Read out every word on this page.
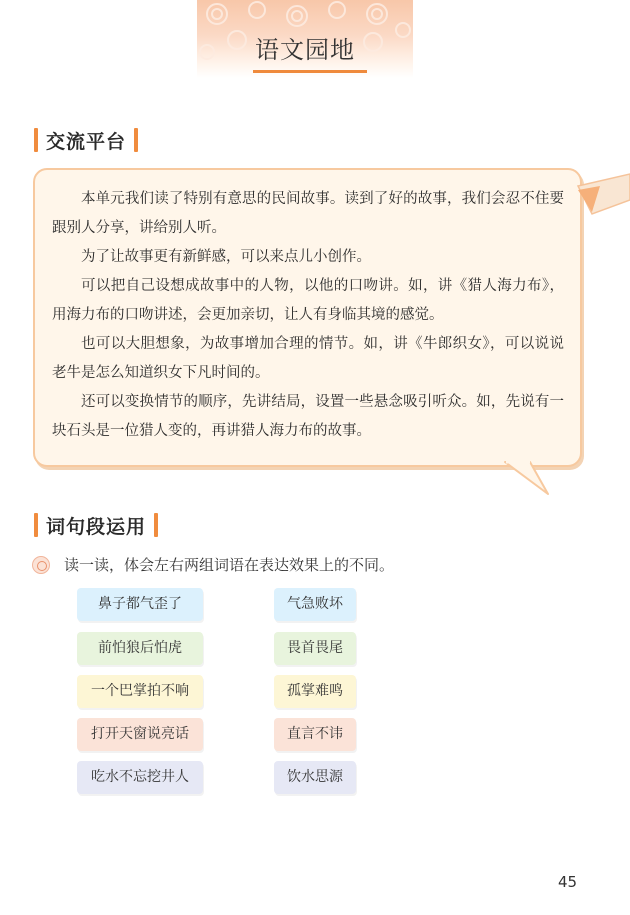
语文园地
交流平台

本单元我们读了特别有意思的民间故事。读到了好的故事，我们会忍不住要跟别人分享，讲给别人听。

为了让故事更有新鲜感，可以来点儿小创作。

可以把自己设想成故事中的人物，以他的口吻讲。如，讲《猎人海力布》，用海力布的口吻讲述，会更加亲切，让人有身临其境的感觉。

也可以大胆想象，为故事增加合理的情节。如，讲《牛郎织女》，可以说说老牛是怎么知道织女下凡时间的。

还可以变换情节的顺序，先讲结局，设置一些悬念吸引听众。如，先说有一块石头是一位猎人变的，再讲猎人海力布的故事。

词句段运用
读一读，体会左右两组词语在表达效果上的不同。
鼻子都气歪了	气急败坏
前怕狼后怕虎	畏首畏尾
一个巴掌拍不响	孤掌难鸣
打开天窗说亮话	直言不讳
吃水不忘挖井人	饮水思源
45
